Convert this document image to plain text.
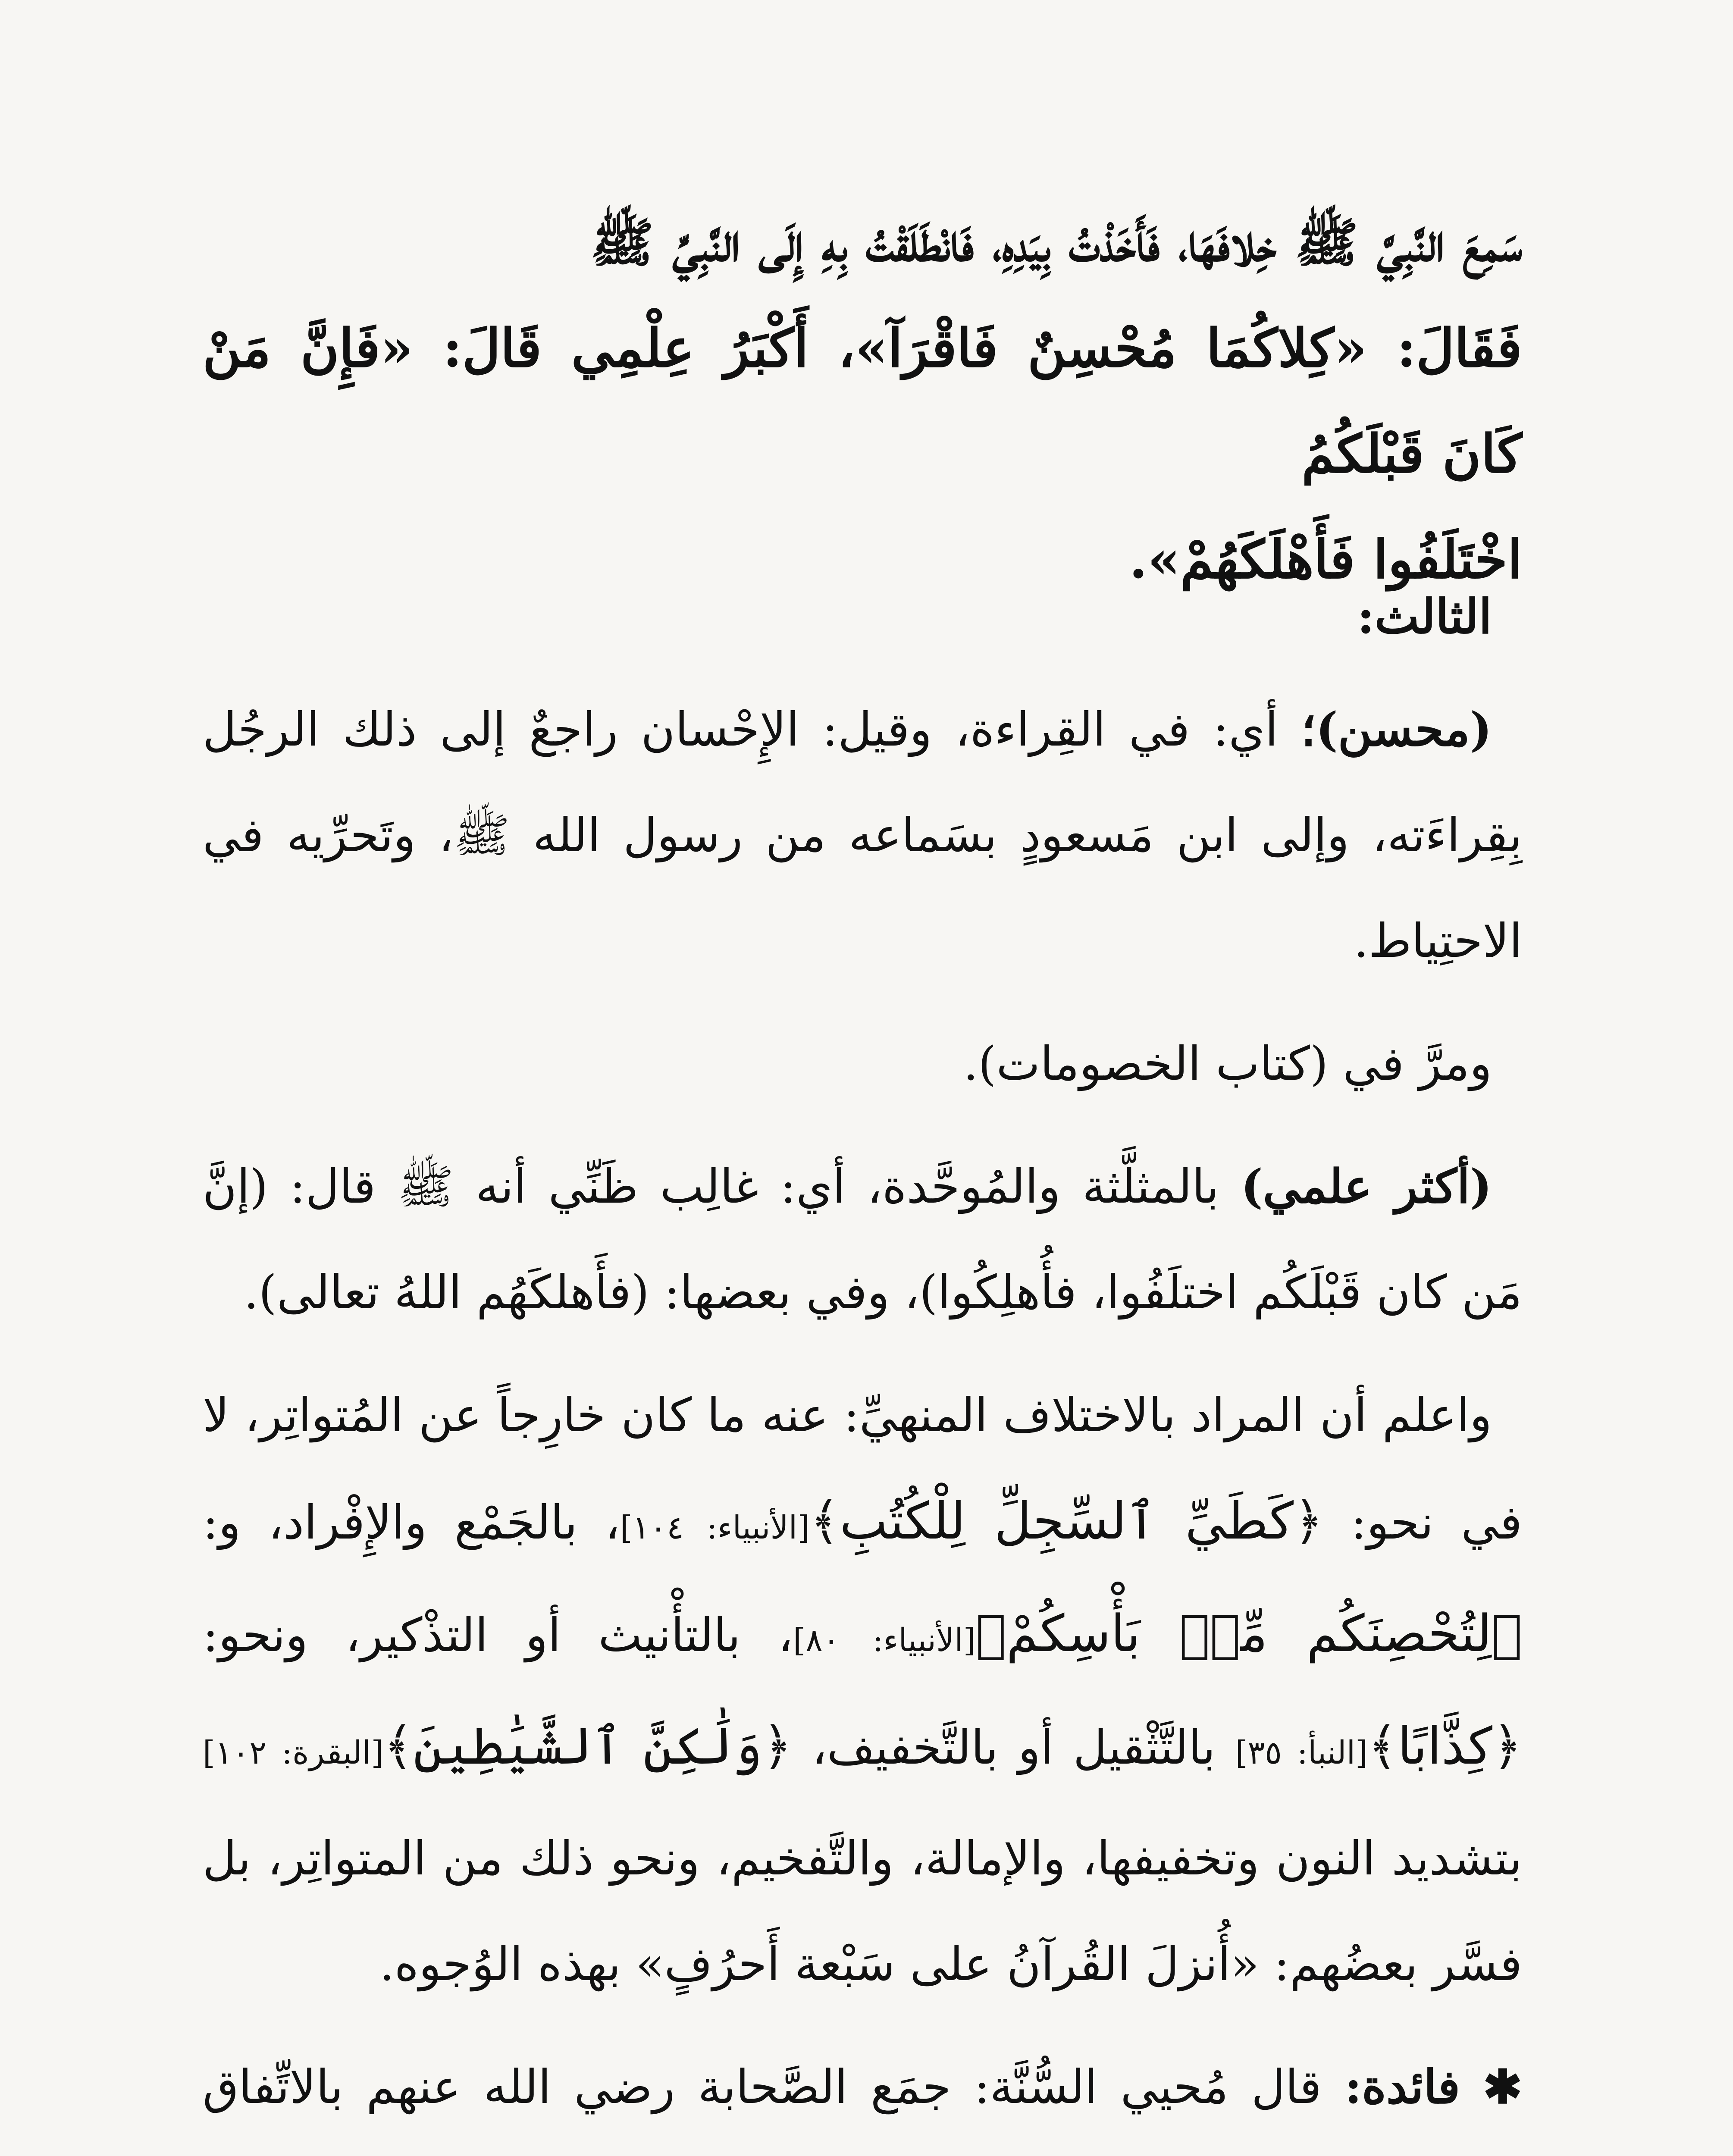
سَمِعَ النَّبِيَّ ﷺ خِلافَهَا، فَأَخَذْتُ بِيَدِهِ، فَانْطَلَقْتُ بِهِ إِلَى النَّبِيِّ ﷺ

فَقَالَ: «كِلاكُمَا مُحْسِنٌ فَاقْرَآ»، أَكْبَرُ عِلْمِي قَالَ: «فَإِنَّ مَنْ كَانَ قَبْلَكُمُ

اخْتَلَفُوا فَأَهْلَكَهُمْ».

الثالث:

(محسن)؛ أي: في القِراءة، وقيل: الإِحْسان راجعٌ إلى ذلك الرجُل بِقِراءَته، وإلى ابن مَسعودٍ بسَماعه من رسول الله ﷺ، وتَحرِّيه في الاحتِياط.

ومرَّ في (كتاب الخصومات).

(أكثر علمي) بالمثلَّثة والمُوحَّدة، أي: غالِب ظَنِّي أنه ﷺ قال: (إنَّ مَن كان قَبْلَكُم اختلَفُوا، فأُهلِكُوا)، وفي بعضها: (فأَهلكَهُم اللهُ تعالى).

واعلم أن المراد بالاختلاف المنهيِّ: عنه ما كان خارِجاً عن المُتواتِر، لا في نحو: ﴿كَطَيِّ ٱلسِّجِلِّ لِلْكُتُبِ﴾[الأنبياء: ١٠٤]، بالجَمْع والإِفْراد، و: ﴿لِتُحْصِنَكُم مِّنۢ بَأْسِكُمْ﴾[الأنبياء: ٨٠]، بالتأْنيث أو التذْكير، ونحو: ﴿كِذَّابًا﴾[النبأ: ٣٥] بالتَّثْقيل أو بالتَّخفيف، ﴿وَلَٰكِنَّ ٱلشَّيَٰطِينَ﴾[البقرة: ١٠٢] بتشديد النون وتخفيفها، والإمالة، والتَّفخيم، ونحو ذلك من المتواتِر، بل فسَّر بعضُهم: «أُنزلَ القُرآنُ على سَبْعة أَحرُفٍ» بهذه الوُجوه.

✱ فائدة: قال مُحيي السُّنَّة: جمَع الصَّحابة رضي الله عنهم بالاتِّفاق
